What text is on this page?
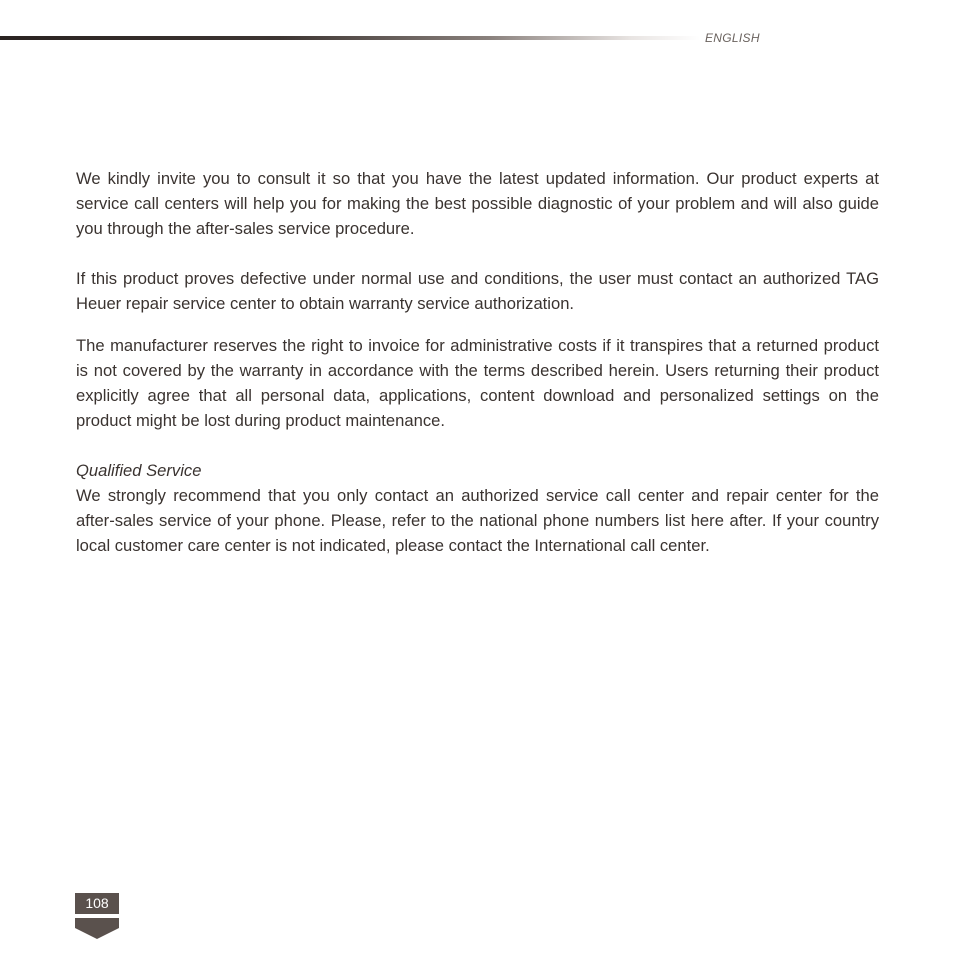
ENGLISH

We kindly invite you to consult it so that you have the latest updated information. Our product experts at service call centers will help you for making the best possible diagnostic of your problem and will also guide you through the after-sales service procedure.

If this product proves defective under normal use and conditions, the user must contact an authorized TAG Heuer repair service center to obtain warranty service authorization.

The manufacturer reserves the right to invoice for administrative costs if it transpires that a returned product is not covered by the warranty in accordance with the terms described herein. Users returning their product explicitly agree that all personal data, applications, content download and personalized settings on the product might be lost during product maintenance.

Qualified Service

We strongly recommend that you only contact an authorized service call center and repair center for the after-sales service of your phone. Please, refer to the national phone numbers list here after. If your country local customer care center is not indicated, please contact the International call center.

108
